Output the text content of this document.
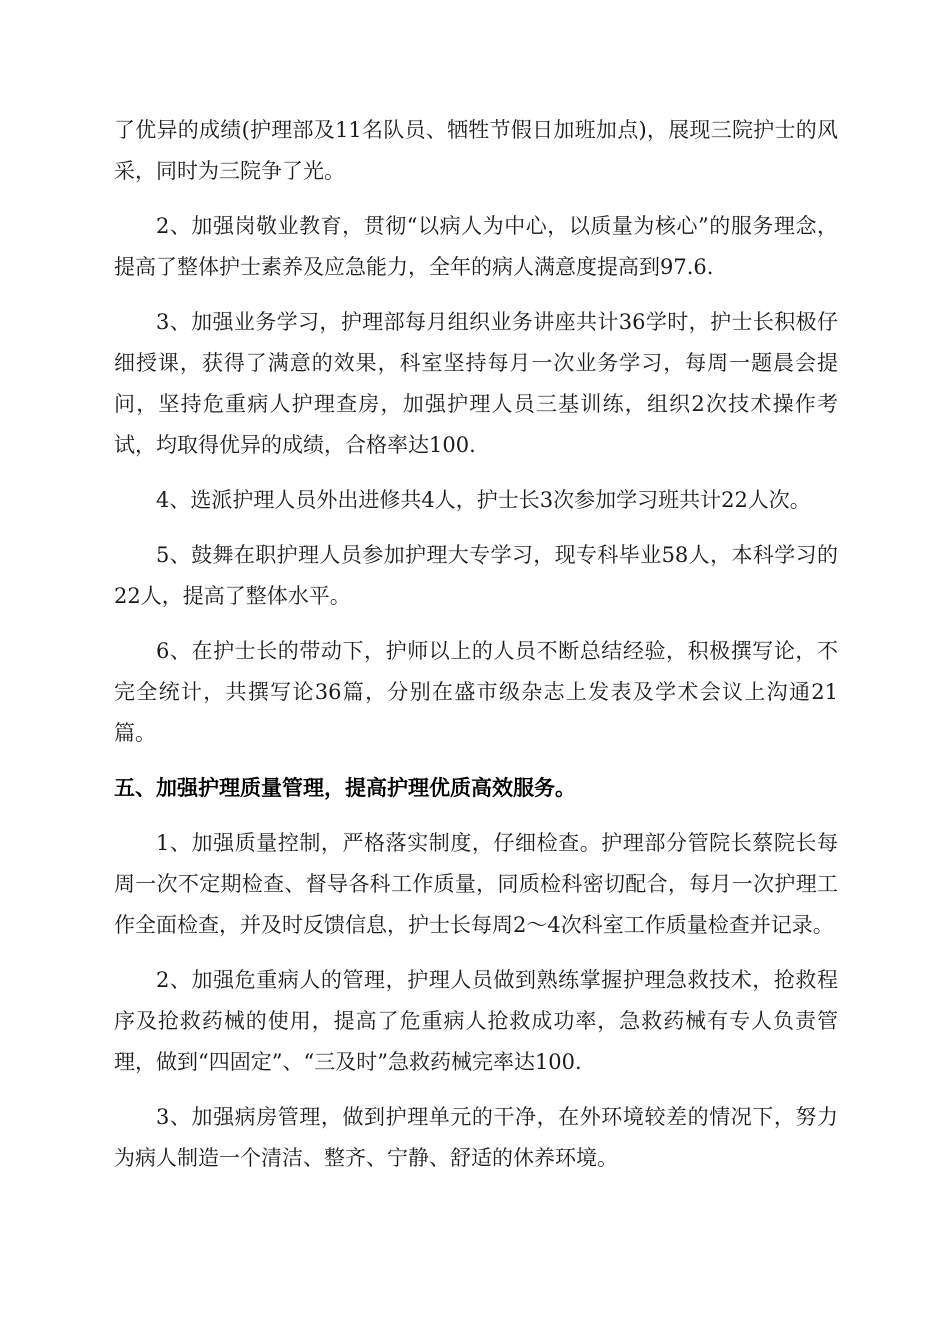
了优异的成绩(护理部及11名队员、牺牲节假日加班加点)，展现三院护士的风采，同时为三院争了光。

2、加强岗敬业教育，贯彻“以病人为中心，以质量为核心”的服务理念，提高了整体护士素养及应急能力，全年的病人满意度提高到97.6.

3、加强业务学习，护理部每月组织业务讲座共计36学时，护士长积极仔细授课，获得了满意的效果，科室坚持每月一次业务学习，每周一题晨会提问，坚持危重病人护理查房，加强护理人员三基训练，组织2次技术操作考试，均取得优异的成绩，合格率达100.

4、选派护理人员外出进修共4人，护士长3次参加学习班共计22人次。

5、鼓舞在职护理人员参加护理大专学习，现专科毕业58人，本科学习的22人，提高了整体水平。

6、在护士长的带动下，护师以上的人员不断总结经验，积极撰写论，不完全统计，共撰写论36篇，分别在盛市级杂志上发表及学术会议上沟通21篇。

五、加强护理质量管理，提高护理优质高效服务。

1、加强质量控制，严格落实制度，仔细检查。护理部分管院长蔡院长每周一次不定期检查、督导各科工作质量，同质检科密切配合，每月一次护理工作全面检查，并及时反馈信息，护士长每周2～4次科室工作质量检查并记录。

2、加强危重病人的管理，护理人员做到熟练掌握护理急救技术，抢救程序及抢救药械的使用，提高了危重病人抢救成功率，急救药械有专人负责管理，做到“四固定”、“三及时”急救药械完率达100.

3、加强病房管理，做到护理单元的干净，在外环境较差的情况下，努力为病人制造一个清洁、整齐、宁静、舒适的休养环境。
